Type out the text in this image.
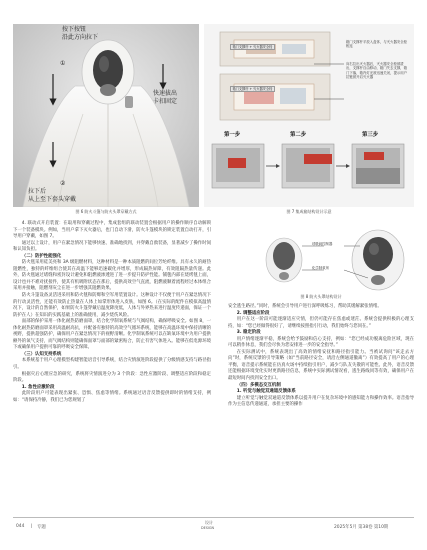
按下按钮
沿此方向拉下
①
快速拔出
卡扣固定
②
拉下后
从上至下套头穿戴
图 6 防火斗篷与防火头罩穿戴方式
箱门支撑杆 + 灭火器安全栓
箱门支撑杆 + 灭火器安全栓
箱门支撑杆平放入盒体，与灭火器安全栓相连
向右拉出灭火器后，灭火器安全栓被拔出，支撑杆自由移动，箱门失去支撑，箱门下落，箱内灯光被迅速关闭，提示用户拉链被开启灭火器
第一步	第二步	第三步
图 7 集成箱结构设计示意
呼吸阀控制器
化学制氧剂
图 8 防火头罩结构设计

4. 联动式开启装置：在取用和穿戴过程中，集成套组的联动装置会根据用户的操作顺序自动解锁下一个装备模块。例如，当用户拿下灭火器后，也门自动下滑，防火斗篷模块的锁定装置自动打开，引导用户穿戴，如图 7。

通过以上设计，用户在紧急情况下能够快速、准确地找到，并穿戴自救装备，显著减少了操作时间和认知负担。

（二）防护性能强化

防火毯采用硅美亮和 3A 级阻燃材料，这种材料是一种本质阻燃的间位芳纶纤维。具有永久的耐热阻燃性，独特的纤维组合使其在高温下能够迅速碳化并增厚，形成隔热屏障，有效阻隔热量传递。此外，防火毯通过堵缝和密封设计避免和阻燃液渗透进了进一步提升防护性能。铺毯内部在烧烤毯上面，设计也并不难对扰接件，使其有机吸附状态在那后，提供高效空气直流，阻燃液顺着流程经过本体组合采用并接触，阻燃剂灰尘在进一步增强其阻燃效果。

防火斗篷设备灵活进采用和防火毯和防爆和空军用装置设计。这种设计不仅便于用户在紧急情况下的行动灵活性，还能有效防止热量在人体上如掌形体进入皮肤，如图 6。（在实际的配件在模拟高温情况下，设计的自然保护，如果防火斗篷穿戴后温度降度低，人体与外界热来进行温度传递面，保证一个防护在人）在知识的实践基础上的准确使用，减少烧伤风险。

面部的保护采用一体化耐热防磨面罩，结合化学制氧系统与气阀结构，确保呼吸安全。如图 8，一体化耐热防磨面罩采用高温耐高抗，并配备有独特的高效空气循环系统，能够在高温环境中保持清晰的视野，提供超强防护，确保用户在紧急情况下的视野清晰。化学制氧系统可以在缺氧环境中为用户提供额外的氧气支持，而气阀结构则能确保面罩与面部的紧密贴合，防止有害气体进入。能够在低电源环境下或确保用户提供可靠的呼吸安全保障。

（三）认知支持系统

本系统基于用户心理模型构建智能语音引导系统，结合灾情演进阶段提供了分级情感支持与路径指引。

根据灾后心理应急的研究，系统将灾情演进分为 3 个阶段：急性应激阶段、调整适应阶段和稳定阶段。

1. 急性应激阶段

此阶段用户可能表现出紧张、恐惧、焦虑等情绪。系统通过语音反馈提供即时的情绪支持，例如：“请保持冷静，我们已为您规划了

安全逃生路径。”同时，系统会引导用户进行深呼吸练习，帮助其缓解紧张情绪。

2. 调整适应阶段

用户在这一阶段可能逐渐适应灾情，但仍可能存在焦虑或迷茫。系统会提供积极的心理支持，如：“您已经做得很好了，请继续按照指引行动，我们始终与您同在。”

3. 稳定阶段

用户情绪逐渐平稳，系统会给予鼓励和信心支持，例如：“您已经成功脱离危险区域，现在可以稍作休息，我们会尽快为您安排进一步的安全指导。”

在实际测试中，系统表现出了高效的情绪安抚和路径指引能力。当被试询问“该走去方向”时，系统反馈的引导策略（如“当前路径安全，请沿左侧通道撤离”）有效提高了用户的心理平衡，语音提示系统能在仿真火场中持续指引用户，减少与队友失散的可能性。此外，语音反馈还能根据环境变化实时更新路径信息，系统中实际测试情况看，逃生路线同等有效，确保用户在最短时间内找到安全出口。

（四）多模态交互机制

1. 听觉与触觉双通道反馈体系

建立听觉与触觉双通道反馈体系以提升用户在复杂环境中的感知能力和操作效率。语音指导作为主信息传递通道，承担主要的操作

044 | 专题
设计
DESIGN	2025年5月 第38卷 第10期
